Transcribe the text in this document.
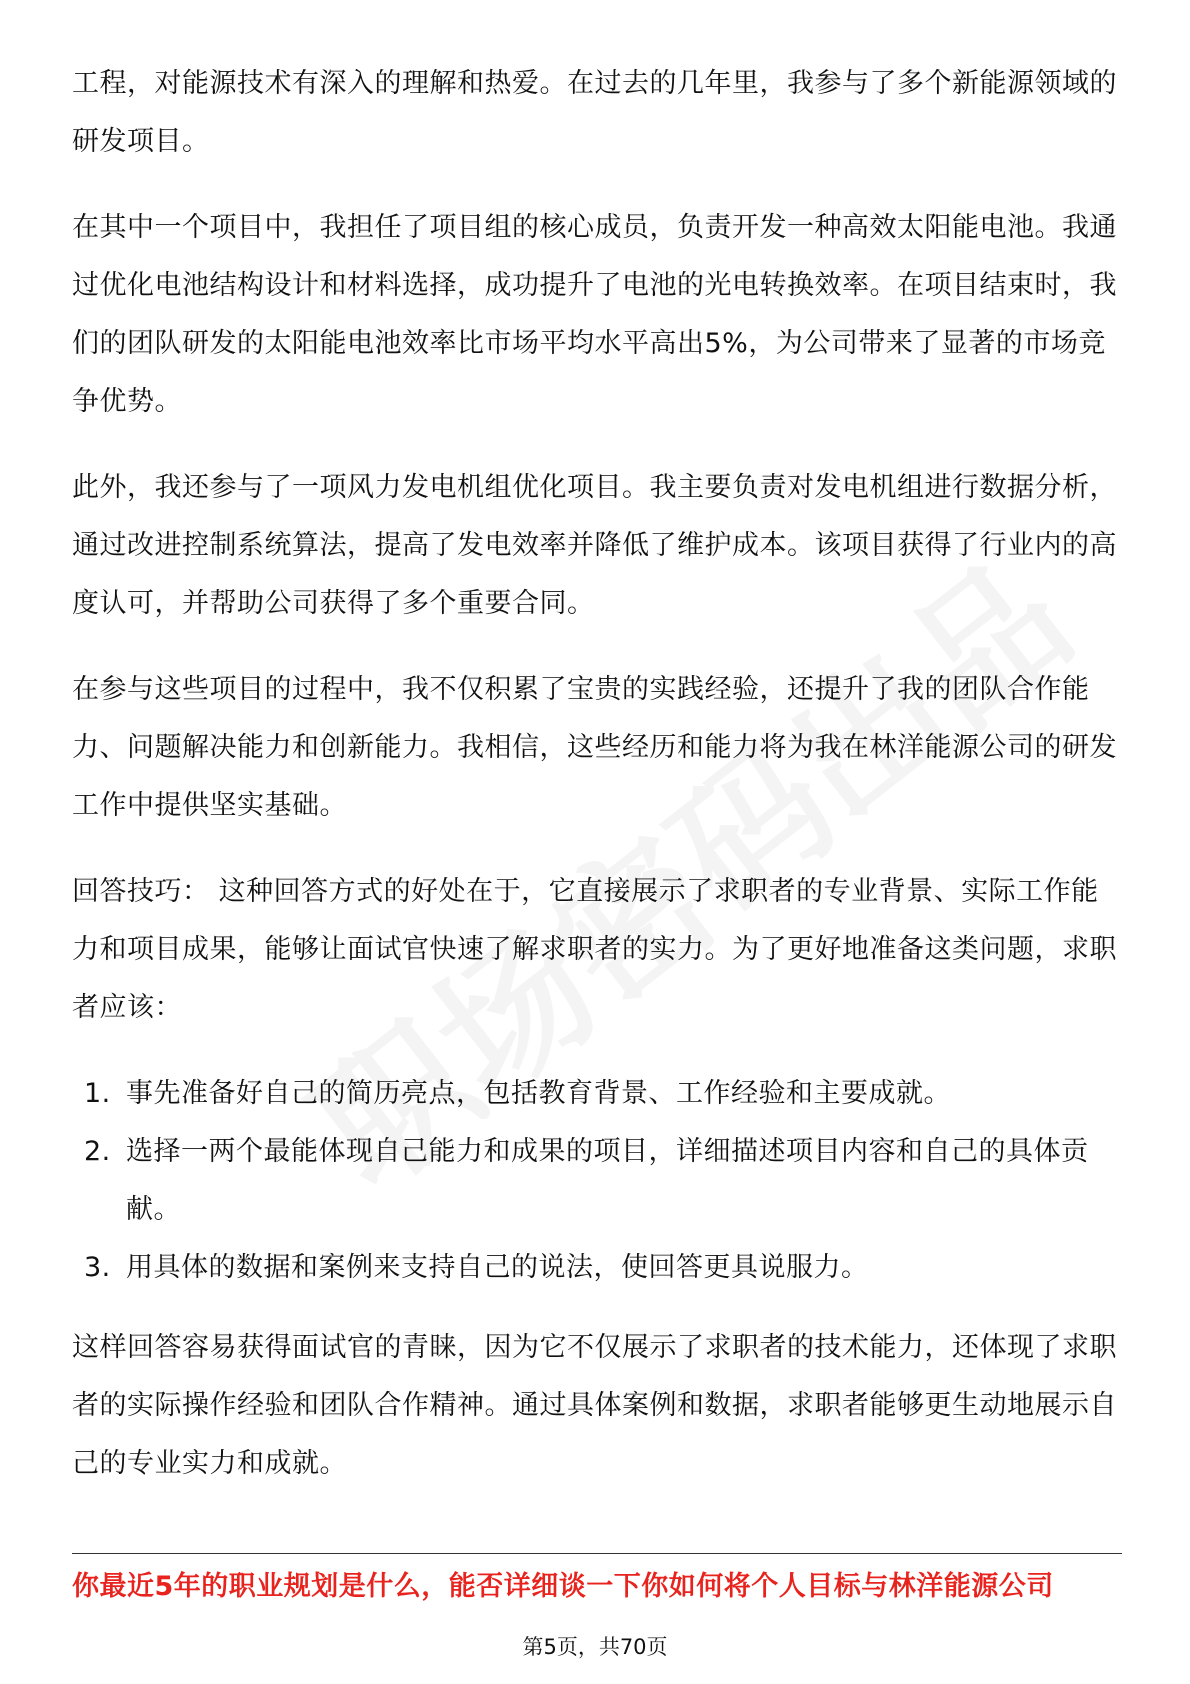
工程，对能源技术有深入的理解和热爱。在过去的几年里，我参与了多个新能源领域的研发项目。

在其中一个项目中，我担任了项目组的核心成员，负责开发一种高效太阳能电池。我通过优化电池结构设计和材料选择，成功提升了电池的光电转换效率。在项目结束时，我们的团队研发的太阳能电池效率比市场平均水平高出5%，为公司带来了显著的市场竞争优势。

此外，我还参与了一项风力发电机组优化项目。我主要负责对发电机组进行数据分析，通过改进控制系统算法，提高了发电效率并降低了维护成本。该项目获得了行业内的高度认可，并帮助公司获得了多个重要合同。

在参与这些项目的过程中，我不仅积累了宝贵的实践经验，还提升了我的团队合作能力、问题解决能力和创新能力。我相信，这些经历和能力将为我在林洋能源公司的研发工作中提供坚实基础。

回答技巧： 这种回答方式的好处在于，它直接展示了求职者的专业背景、实际工作能力和项目成果，能够让面试官快速了解求职者的实力。为了更好地准备这类问题，求职者应该：

1. 事先准备好自己的简历亮点，包括教育背景、工作经验和主要成就。
2. 选择一两个最能体现自己能力和成果的项目，详细描述项目内容和自己的具体贡献。
3. 用具体的数据和案例来支持自己的说法，使回答更具说服力。

这样回答容易获得面试官的青睐，因为它不仅展示了求职者的技术能力，还体现了求职者的实际操作经验和团队合作精神。通过具体案例和数据，求职者能够更生动地展示自己的专业实力和成就。

你最近5年的职业规划是什么，能否详细谈一下你如何将个人目标与林洋能源公司
第5页，共70页
